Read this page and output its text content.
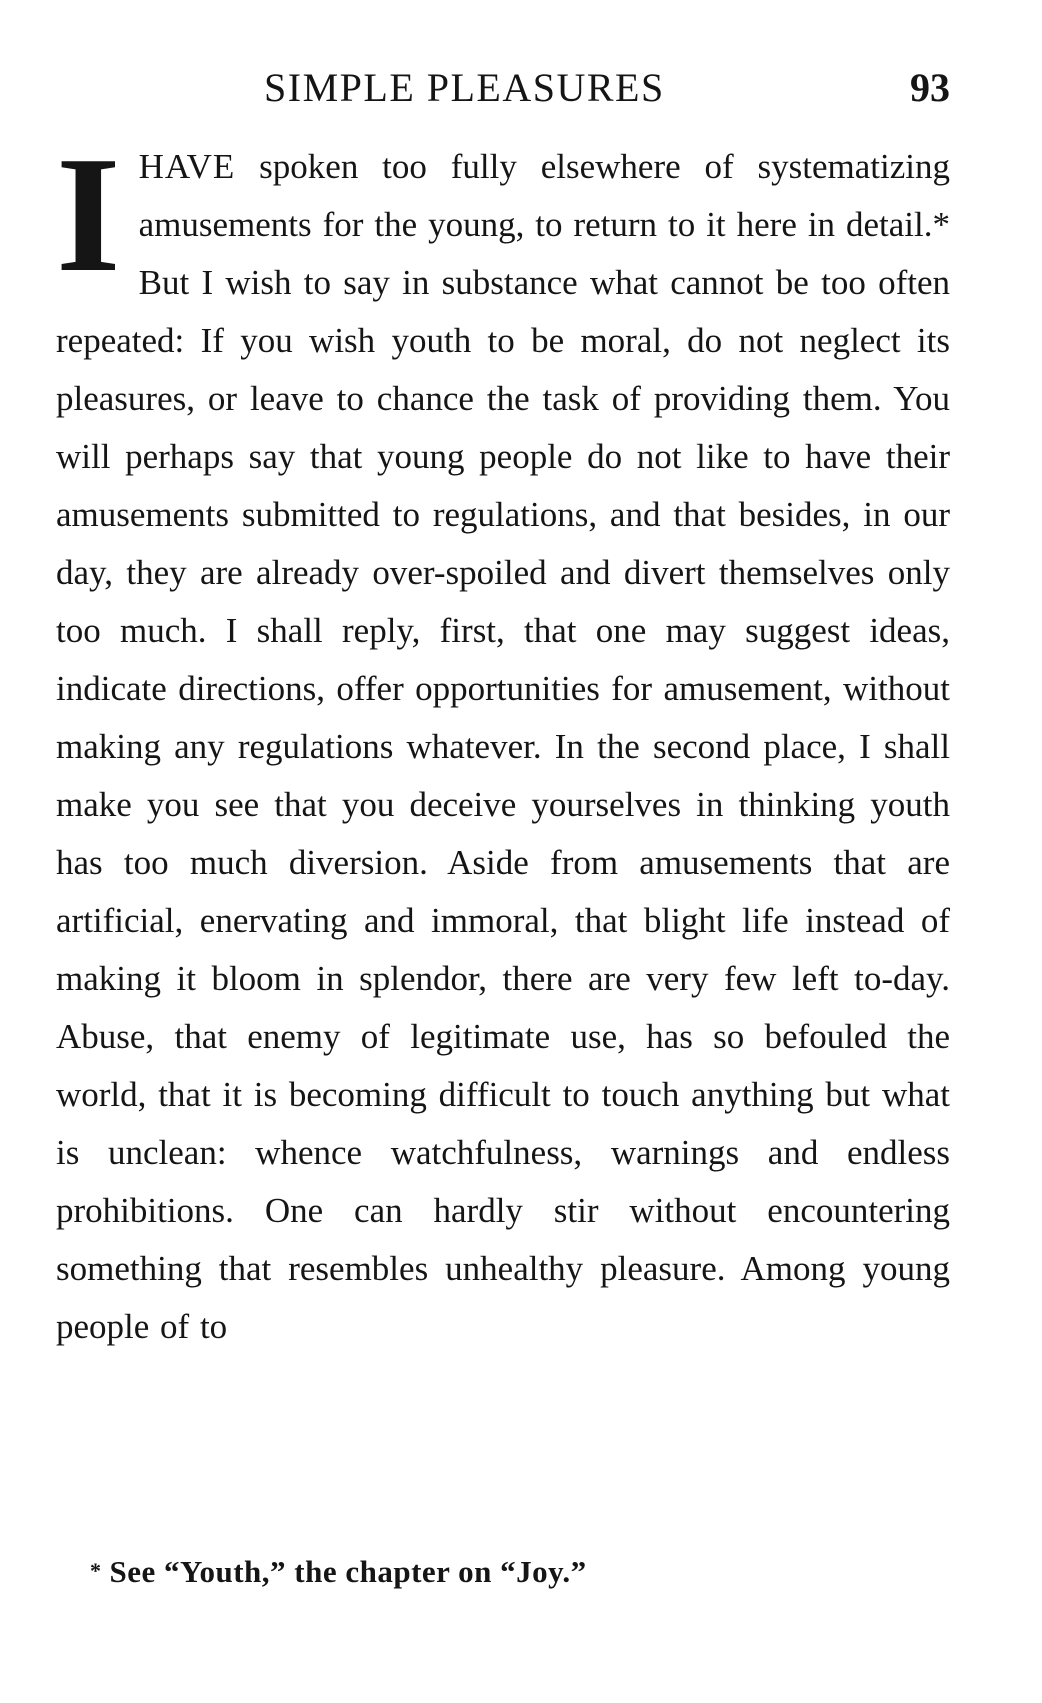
SIMPLE PLEASURES	93

IHAVE spoken too fully elsewhere of systematizing amusements for the young, to return to it here in detail.* But I wish to say in substance what cannot be too often repeated: If you wish youth to be moral, do not neglect its pleasures, or leave to chance the task of providing them. You will perhaps say that young people do not like to have their amusements submitted to regulations, and that besides, in our day, they are already over-spoiled and divert themselves only too much. I shall reply, first, that one may suggest ideas, indicate directions, offer opportunities for amusement, without making any regulations whatever. In the second place, I shall make you see that you deceive yourselves in thinking youth has too much diversion. Aside from amusements that are artificial, enervating and immoral, that blight life instead of making it bloom in splendor, there are very few left to-day. Abuse, that enemy of legitimate use, has so befouled the world, that it is becoming difficult to touch anything but what is unclean: whence watchfulness, warnings and endless prohibitions. One can hardly stir without encountering something that resembles unhealthy pleasure. Among young people of to

* See “Youth,” the chapter on “Joy.”
